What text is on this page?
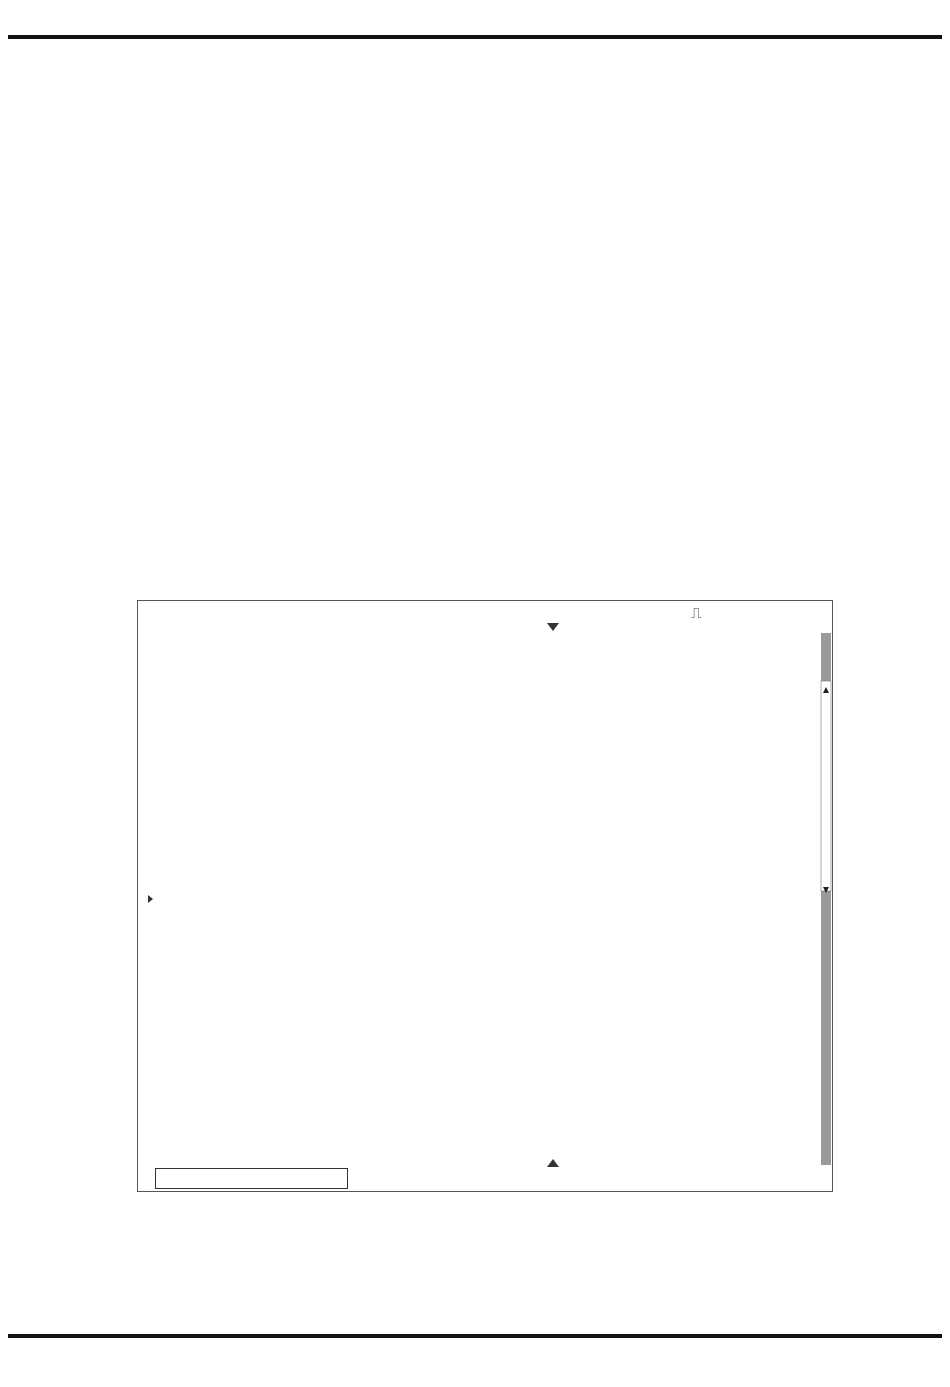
⎍
